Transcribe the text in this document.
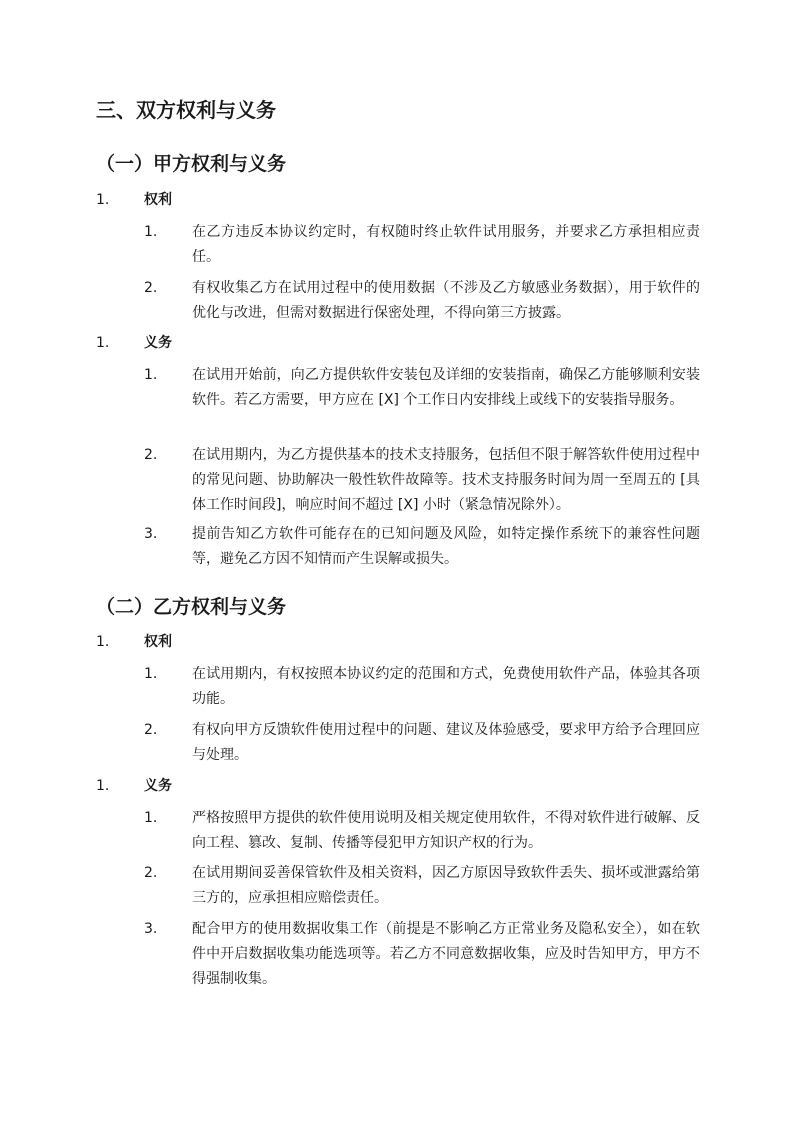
三、双方权利与义务
（一）甲方权利与义务
1. 权利
1. 在乙方违反本协议约定时，有权随时终止软件试用服务，并要求乙方承担相应责任。
2. 有权收集乙方在试用过程中的使用数据（不涉及乙方敏感业务数据），用于软件的优化与改进，但需对数据进行保密处理，不得向第三方披露。
1. 义务
1. 在试用开始前，向乙方提供软件安装包及详细的安装指南，确保乙方能够顺利安装软件。若乙方需要，甲方应在 [X] 个工作日内安排线上或线下的安装指导服务。
2. 在试用期内，为乙方提供基本的技术支持服务，包括但不限于解答软件使用过程中的常见问题、协助解决一般性软件故障等。技术支持服务时间为周一至周五的 [具体工作时间段]，响应时间不超过 [X] 小时（紧急情况除外）。
3. 提前告知乙方软件可能存在的已知问题及风险，如特定操作系统下的兼容性问题等，避免乙方因不知情而产生误解或损失。
（二）乙方权利与义务
1. 权利
1. 在试用期内，有权按照本协议约定的范围和方式，免费使用软件产品，体验其各项功能。
2. 有权向甲方反馈软件使用过程中的问题、建议及体验感受，要求甲方给予合理回应与处理。
1. 义务
1. 严格按照甲方提供的软件使用说明及相关规定使用软件，不得对软件进行破解、反向工程、篡改、复制、传播等侵犯甲方知识产权的行为。
2. 在试用期间妥善保管软件及相关资料，因乙方原因导致软件丢失、损坏或泄露给第三方的，应承担相应赔偿责任。
3. 配合甲方的使用数据收集工作（前提是不影响乙方正常业务及隐私安全），如在软件中开启数据收集功能选项等。若乙方不同意数据收集，应及时告知甲方，甲方不得强制收集。
